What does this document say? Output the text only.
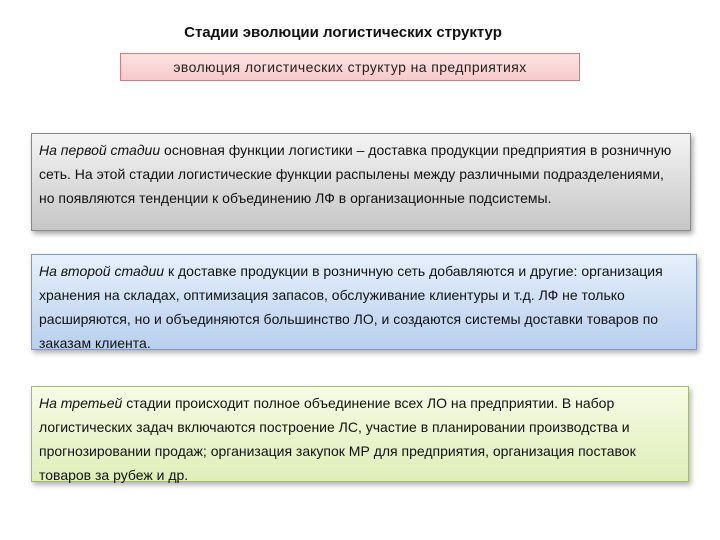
Стадии эволюции логистических структур
эволюция логистических структур на предприятиях
На первой стадии основная функции логистики – доставка продукции предприятия в розничную сеть. На этой стадии логистические функции распылены между различными подразделениями, но появляются тенденции к объединению ЛФ в организационные подсистемы.
На второй стадии к доставке продукции в розничную сеть добавляются и другие: организация хранения на складах, оптимизация запасов, обслуживание клиентуры и т.д. ЛФ не только расширяются, но и объединяются большинство ЛО, и создаются системы доставки товаров по заказам клиента.
На третьей стадии происходит полное объединение всех ЛО на предприятии. В набор логистических задач включаются построение ЛС, участие в планировании производства и прогнозировании продаж; организация закупок МР для предприятия, организация поставок товаров за рубеж и др.
